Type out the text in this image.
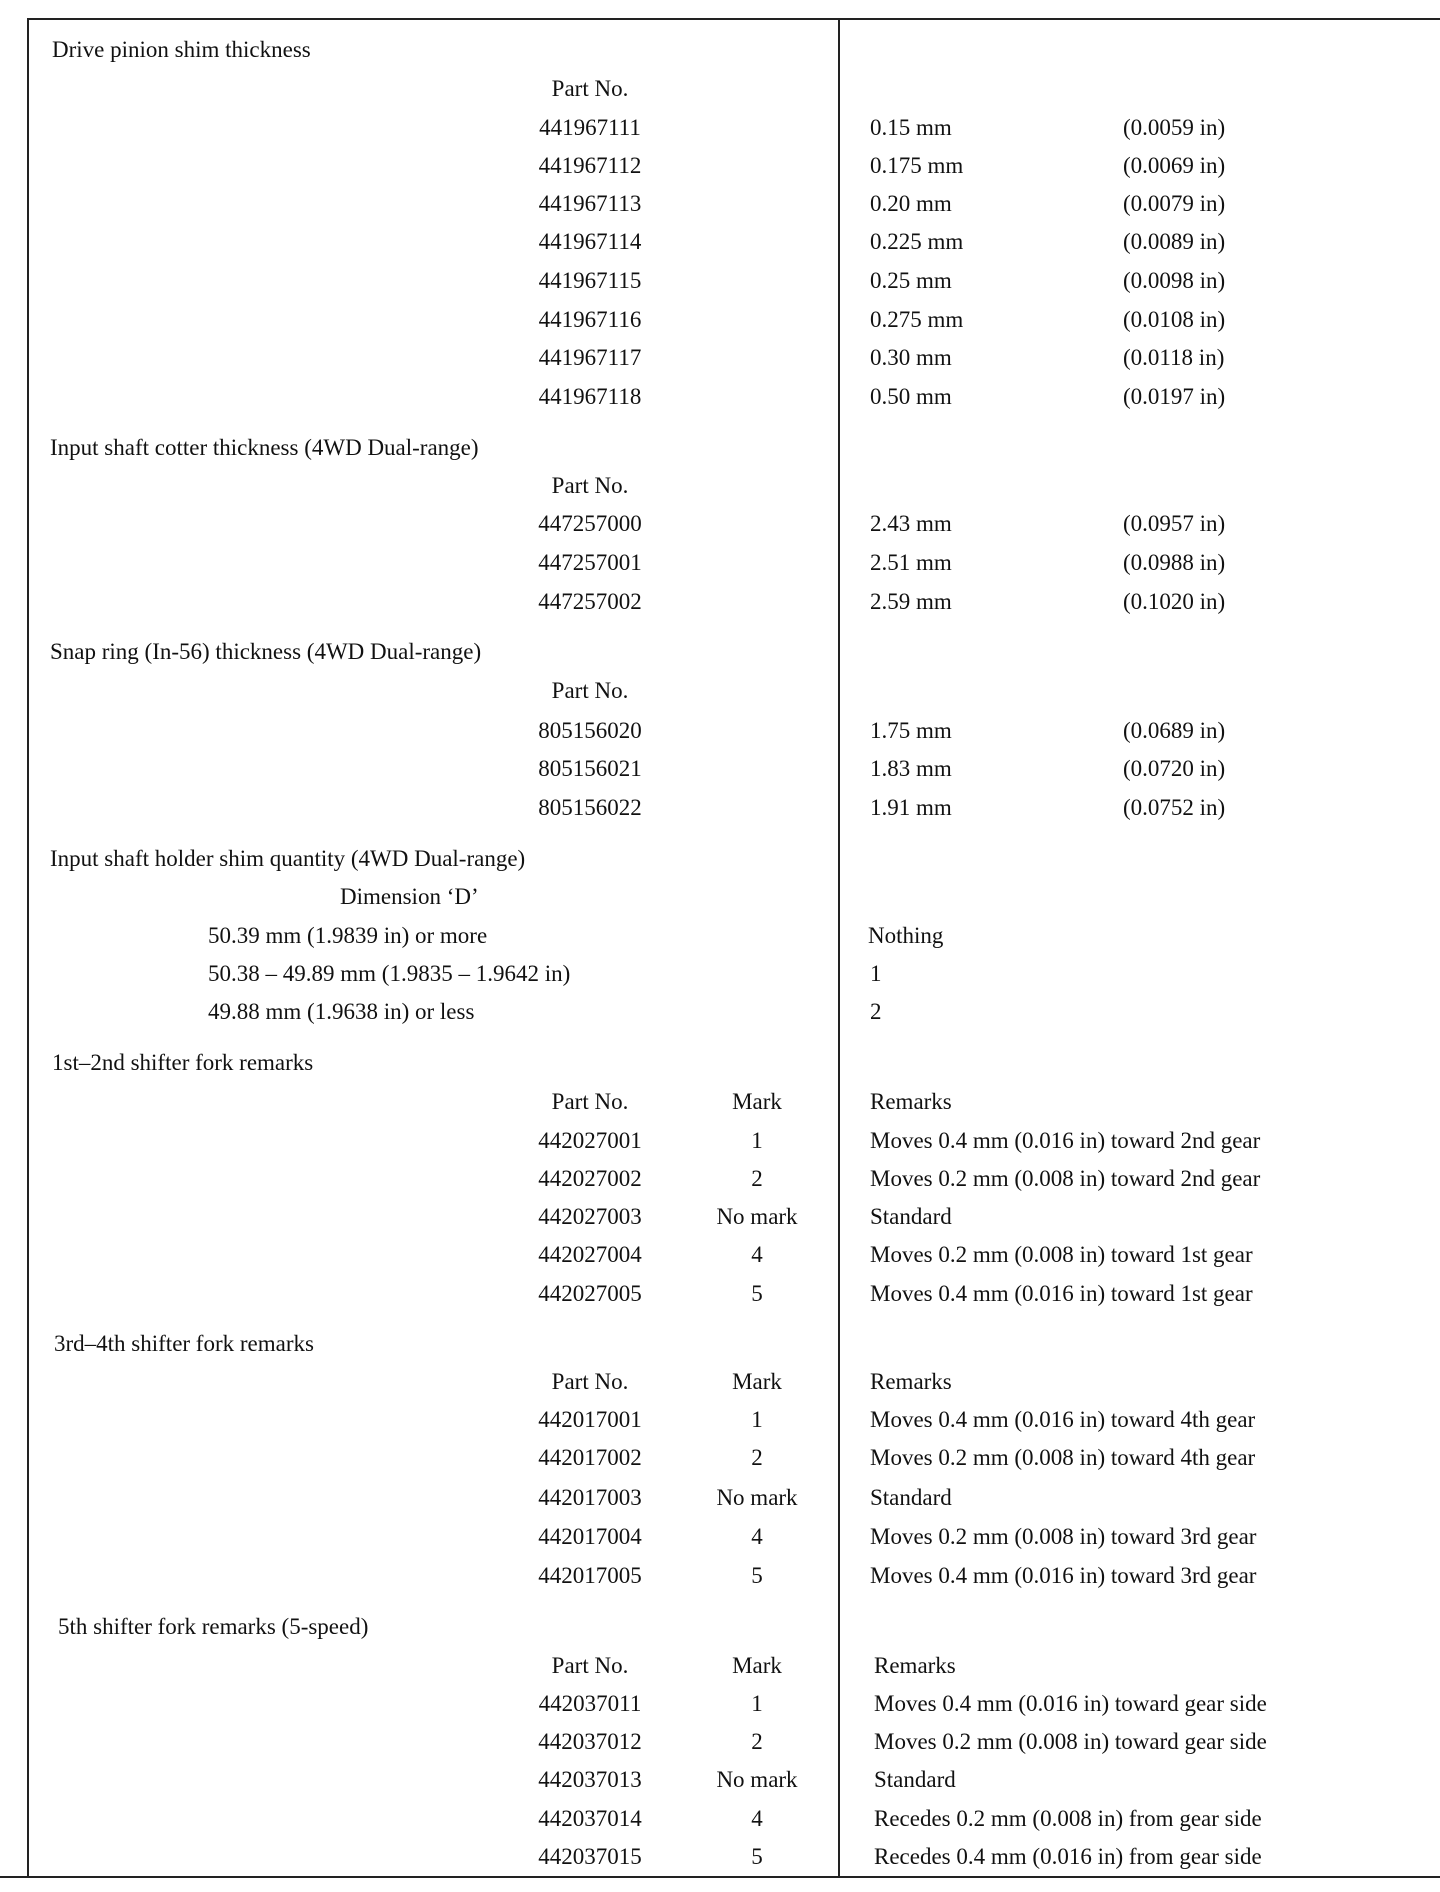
Drive pinion shim thickness
Part No.
441967111	0.15 mm	(0.0059 in)
441967112	0.175 mm	(0.0069 in)
441967113	0.20 mm	(0.0079 in)
441967114	0.225 mm	(0.0089 in)
441967115	0.25 mm	(0.0098 in)
441967116	0.275 mm	(0.0108 in)
441967117	0.30 mm	(0.0118 in)
441967118	0.50 mm	(0.0197 in)
Input shaft cotter thickness (4WD Dual-range)
Part No.
447257000	2.43 mm	(0.0957 in)
447257001	2.51 mm	(0.0988 in)
447257002	2.59 mm	(0.1020 in)
Snap ring (In-56) thickness (4WD Dual-range)
Part No.
805156020	1.75 mm	(0.0689 in)
805156021	1.83 mm	(0.0720 in)
805156022	1.91 mm	(0.0752 in)
Input shaft holder shim quantity (4WD Dual-range)
Dimension ‘D’
50.39 mm (1.9839 in) or more	Nothing
50.38 – 49.89 mm (1.9835 – 1.9642 in)	1
49.88 mm (1.9638 in) or less	2
1st–2nd shifter fork remarks
Part No.	Mark	Remarks
442027001	1	Moves 0.4 mm (0.016 in) toward 2nd gear
442027002	2	Moves 0.2 mm (0.008 in) toward 2nd gear
442027003	No mark	Standard
442027004	4	Moves 0.2 mm (0.008 in) toward 1st gear
442027005	5	Moves 0.4 mm (0.016 in) toward 1st gear
3rd–4th shifter fork remarks
Part No.	Mark	Remarks
442017001	1	Moves 0.4 mm (0.016 in) toward 4th gear
442017002	2	Moves 0.2 mm (0.008 in) toward 4th gear
442017003	No mark	Standard
442017004	4	Moves 0.2 mm (0.008 in) toward 3rd gear
442017005	5	Moves 0.4 mm (0.016 in) toward 3rd gear
5th shifter fork remarks (5-speed)
Part No.	Mark	Remarks
442037011	1	Moves 0.4 mm (0.016 in) toward gear side
442037012	2	Moves 0.2 mm (0.008 in) toward gear side
442037013	No mark	Standard
442037014	4	Recedes 0.2 mm (0.008 in) from gear side
442037015	5	Recedes 0.4 mm (0.016 in) from gear side
